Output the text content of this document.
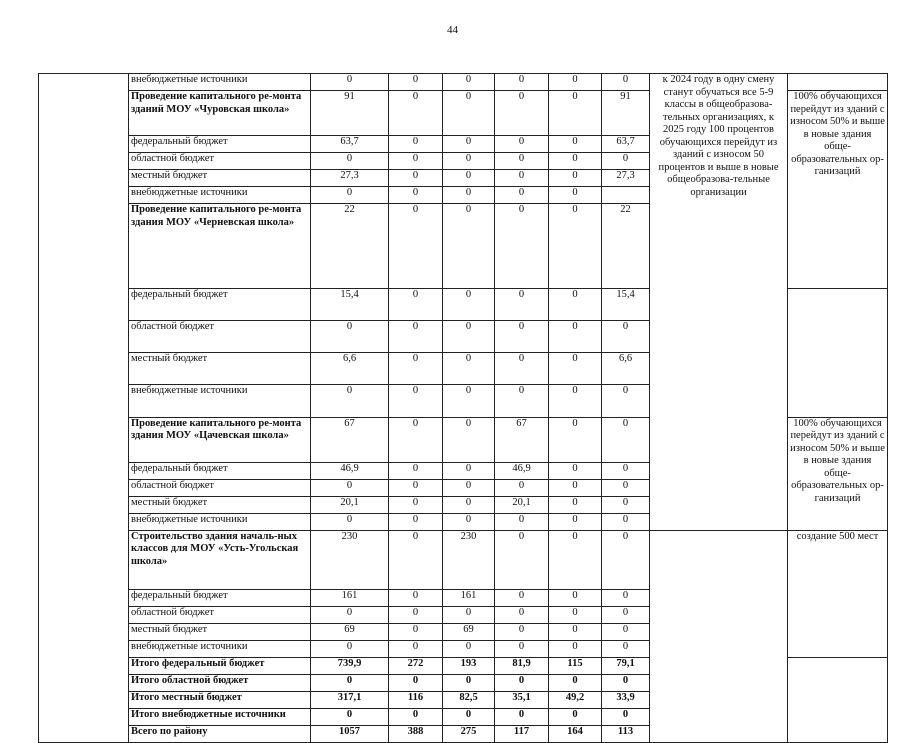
44
	внебюджетные источники	0	0	0	0	0	0	к 2024 году в одну смену станут обучаться все 5-9 классы в общеобразова-тельных организациях, к 2025 году 100 процентов обучающихся перейдут из зданий с износом 50 процентов и выше в новые общеобразова-тельные организации		
	Проведение капитального ре-монта зданий МОУ «Чуровская школа»	91	0	0	0	0	91		100% обучающихся перейдут из зданий с износом 50% и выше в новые здания обще-образовательных ор-ганизаций	
	федеральный бюджет	63,7	0	0	0	0	63,7			
	областной бюджет	0	0	0	0	0	0			
	местный бюджет	27,3	0	0	0	0	27,3			
	внебюджетные источники	0	0	0	0	0				
	Проведение капитального ре-монта здания МОУ «Черневская школа»	22	0	0	0	0	22	
	федеральный бюджет	15,4	0	0	0	0	15,4			
	областной бюджет	0	0	0	0	0	0			
	местный бюджет	6,6	0	0	0	0	6,6			
	внебюджетные источники	0	0	0	0	0	0			
	Проведение капитального ре-монта здания МОУ «Цачевская школа»	67	0	0	67	0	0		100% обучающихся перейдут из зданий с износом 50% и выше в новые здания обще-образовательных ор-ганизаций	
	федеральный бюджет	46,9	0	0	46,9	0	0			
	областной бюджет	0	0	0	0	0	0			
	местный бюджет	20,1	0	0	20,1	0	0			
	внебюджетные источники	0	0	0	0	0	0			
	Строительство здания началь-ных классов для МОУ «Усть-Угольская школа»	230	0	230	0	0	0		создание 500 мест	
	федеральный бюджет	161	0	161	0	0	0			
	областной бюджет	0	0	0	0	0	0			
	местный бюджет	69	0	69	0	0	0			
	внебюджетные источники	0	0	0	0	0	0			
	Итого федеральный бюджет	739,9	272	193	81,9	115	79,1			
	Итого областной бюджет	0	0	0	0	0	0			
	Итого местный бюджет	317,1	116	82,5	35,1	49,2	33,9			
	Итого внебюджетные источники	0	0	0	0	0	0			
	Всего по району	1057	388	275	117	164	113			
